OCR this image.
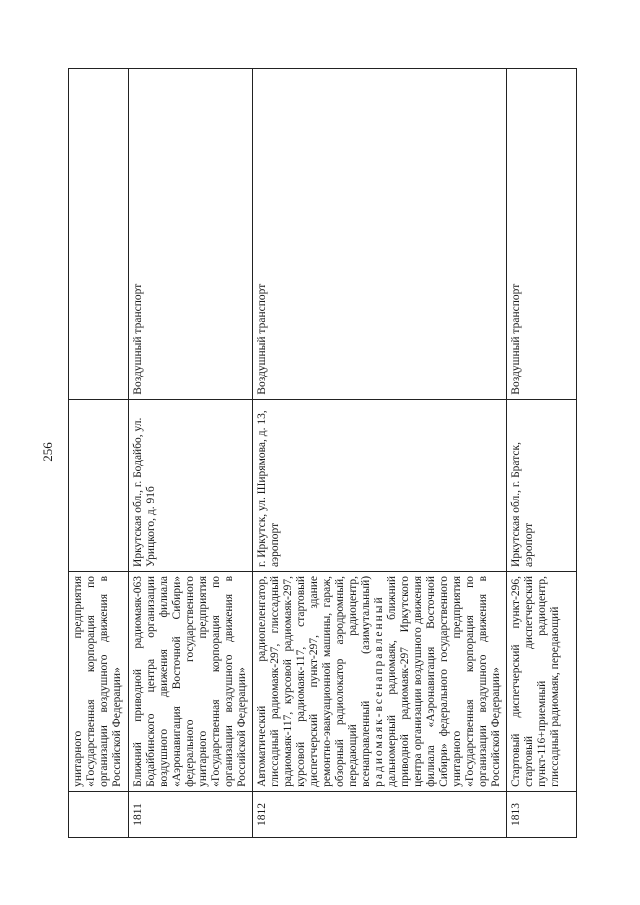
256
	унитарного предприятия «Государственная корпорация по организации воздушного движения в Российской Федерации»		
1811	Ближний приводной радиомаяк-063 Бодайбинского центра организации воздушного движения филиала «Аэронавигация Восточной Сибири» федерального государственного унитарного предприятия «Государственная корпорация по организации воздушного движения в Российской Федерации»	Иркутская обл., г. Бодайбо, ул. Урицкого, д. 91б	Воздушный транспорт
1812	Автоматический радиопеленгатор, глиссадный радиомаяк-297, глиссадный радиомаяк-117, курсовой радиомаяк-297, курсовой радиомаяк-117, стартовый диспетчерский пункт-297, здание ремонтно-эвакуационной машины, гараж, обзорный радиолокатор аэродромный, передающий радиоцентр, всенаправленный (азимутальный) радиомаяк-всенаправленный дальномерный радиомаяк, ближний приводной радиомаяк-297 Иркутского центра организации воздушного движения филиала «Аэронавигация Восточной Сибири» федерального государственного унитарного предприятия «Государственная корпорация по организации воздушного движения в Российской Федерации»	г. Иркутск, ул. Ширямова, д. 13, аэропорт	Воздушный транспорт
1813	Стартовый диспетчерский пункт-296, стартовый диспетчерский пункт-116+приемный радиоцентр, глиссадный радиомаяк, передающий	Иркутская обл., г. Братск, аэропорт	Воздушный транспорт
